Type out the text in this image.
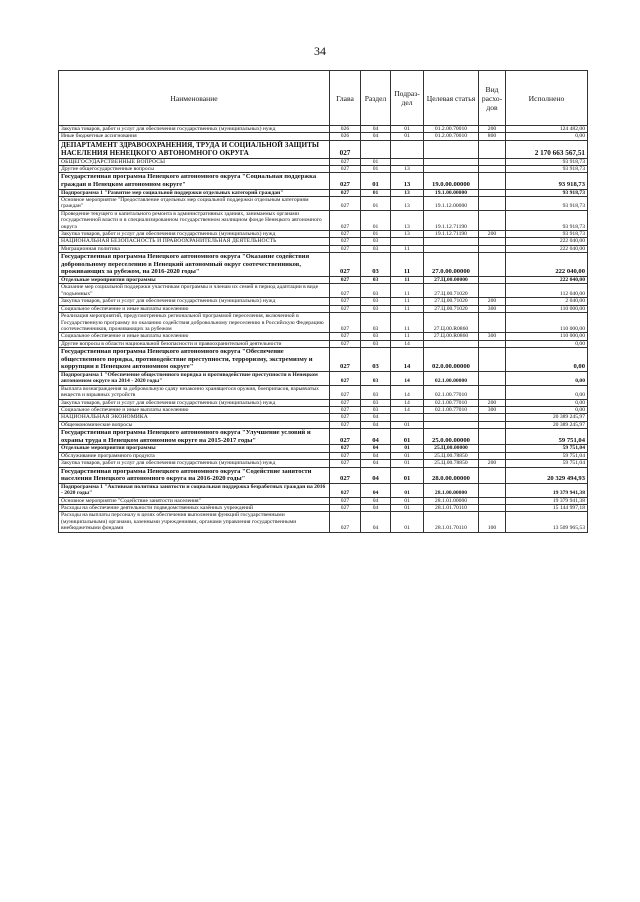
34
Наименование	Глава	Раздел	Подраз-дел	Целевая статья	Вид расхо-дов	Исполнено
Закупка товаров, работ и услуг для обеспечения государственных (муниципальных) нужд	026	04	01	01.2.00.70010	200	124 482,00
Иные бюджетные ассигнования	026	04	01	01.2.00.70010	800	0,00
ДЕПАРТАМЕНТ ЗДРАВООХРАНЕНИЯ, ТРУДА И СОЦИАЛЬНОЙ ЗАЩИТЫ НАСЕЛЕНИЯ НЕНЕЦКОГО АВТОНОМНОГО ОКРУГА	027					2 170 663 567,51
ОБЩЕГОСУДАРСТВЕННЫЕ ВОПРОСЫ	027	01				93 918,73
Другие общегосударственные вопросы	027	01	13			93 918,73
Государственная программа Ненецкого автономного округа "Социальная поддержка граждан в Ненецком автономном округе"	027	01	13	19.0.00.00000		93 918,73
Подпрограмма 1 "Развитие мер социальной поддержки отдельных категорий граждан"	027	01	13	19.1.00.00000		93 918,73
Основное мероприятие "Предоставление отдельных мер социальной поддержки отдельным категориям граждан"	027	01	13	19.1.12.00000		93 918,73
Проведение текущего и капитального ремонта в административных зданиях, занимаемых органами государственной власти и в специализированном государственном жилищном фонде Ненецкого автономного округа	027	01	13	19.1.12.71190		93 918,73
Закупка товаров, работ и услуг для обеспечения государственных (муниципальных) нужд	027	01	13	19.1.12.71190	200	93 918,73
НАЦИОНАЛЬНАЯ БЕЗОПАСНОСТЬ И ПРАВООХРАНИТЕЛЬНАЯ ДЕЯТЕЛЬНОСТЬ	027	03				222 040,00
Миграционная политика	027	03	11			222 040,00
Государственная программа Ненецкого автономного округа "Оказание содействия добровольному переселению в Ненецкий автономный округ соотечественников, проживающих за рубежом, на 2016-2020 годы"	027	03	11	27.0.00.00000		222 040,00
Отдельные мероприятия программы	027	03	11	27.Ц.00.00000		222 040,00
Оказание мер социальной поддержки участникам программы и членам их семей в период адаптации в виде "подъемных"	027	03	11	27.Ц.00.71020		112 040,00
Закупка товаров, работ и услуг для обеспечения государственных (муниципальных) нужд	027	03	11	27.Ц.00.71020	200	2 040,00
Социальное обеспечение и иные выплаты населению	027	03	11	27.Ц.00.71020	300	110 000,00
Реализация мероприятий, предусмотренных региональной программой переселения, включенной в Государственную программу по оказанию содействия добровольному переселению в Российскую Федерацию соотечественников, проживающих за рубежом	027	03	11	27.Ц.00.R0860		110 000,00
Социальное обеспечение и иные выплаты населению	027	03	11	27.Ц.00.R0860	300	110 000,00
Другие вопросы в области национальной безопасности и правоохранительной деятельности	027	03	14			0,00
Государственная программа Ненецкого автономного округа "Обеспечение общественного порядка, противодействие преступности, терроризму, экстремизму и коррупции в Ненецком автономном округе"	027	03	14	02.0.00.00000		0,00
Подпрограмма 1 "Обеспечение общественного порядка и противодействие преступности в Ненецком автономном округе на 2014 - 2020 годы"	027	03	14	02.1.00.00000		0,00
Выплата вознаграждения за добровольную сдачу незаконно хранящегося оружия, боеприпасов, взрывчатых веществ и взрывных устройств	027	03	14	02.1.00.77010		0,00
Закупка товаров, работ и услуг для обеспечения государственных (муниципальных) нужд	027	03	14	02.1.00.77010	200	0,00
Социальное обеспечение и иные выплаты населению	027	03	14	02.1.00.77010	300	0,00
НАЦИОНАЛЬНАЯ ЭКОНОМИКА	027	04				20 389 245,97
Общеэкономические вопросы	027	04	01			20 389 245,97
Государственная программа Ненецкого автономного округа "Улучшение условий и охраны труда в Ненецком автономном округе на 2015-2017 годы"	027	04	01	25.0.00.00000		59 751,04
Отдельные мероприятия программы	027	04	01	25.Ц.00.00000		59 751,04
Обслуживание программного продукта	027	04	01	25.Ц.00.78850		59 751,04
Закупка товаров, работ и услуг для обеспечения государственных (муниципальных) нужд	027	04	01	25.Ц.00.78850	200	59 751,04
Государственная программа Ненецкого автономного округа "Содействие занятости населения Ненецкого автономного округа на 2016-2020 годы"	027	04	01	28.0.00.00000		20 329 494,93
Подпрограмма 1 "Активная политика занятости и социальная поддержка безработных граждан на 2016 - 2020 годы"	027	04	01	28.1.00.00000		19 379 941,38
Основное мероприятие "Содействие занятости населения"	027	04	01	28.1.01.00000		19 379 941,38
Расходы на обеспечение деятельности подведомственных казённых учреждений	027	04	01	28.1.01.70110		15 144 997,18
Расходы на выплаты персоналу в целях обеспечения выполнения функций государственными (муниципальными) органами, казенными учреждениями, органами управления государственными внебюджетными фондами	027	04	01	28.1.01.70110	100	13 509 965,53
